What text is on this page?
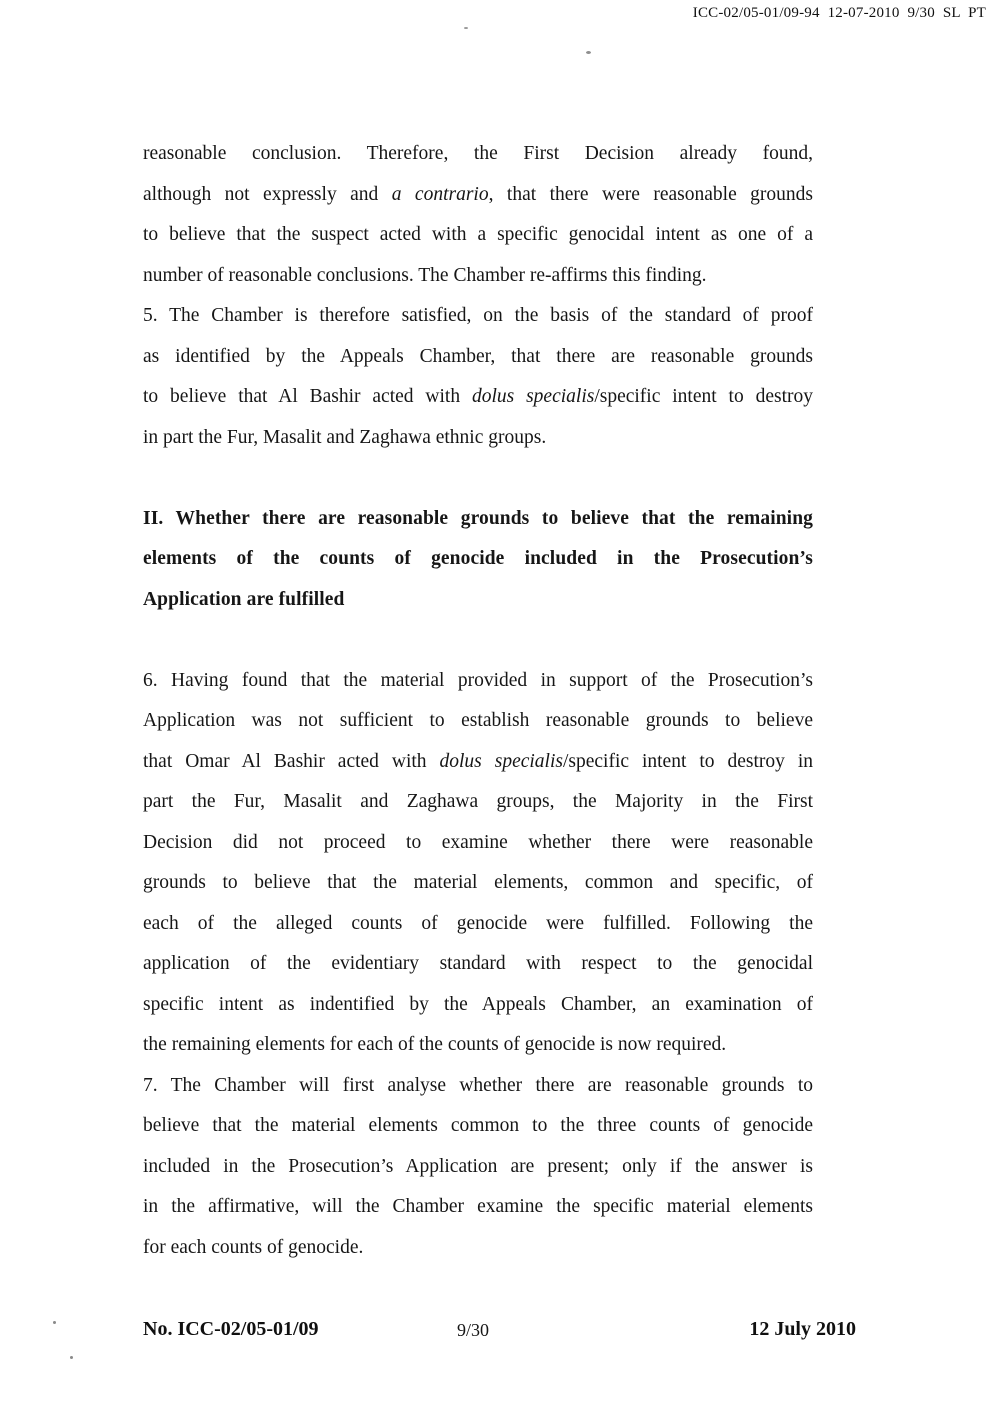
ICC-02/05-01/09-94  12-07-2010  9/30  SL  PT
reasonable conclusion. Therefore, the First Decision already found,
although not expressly and a contrario, that there were reasonable grounds
to believe that the suspect acted with a specific genocidal intent as one of a
number of reasonable conclusions. The Chamber re-affirms this finding.
5. The Chamber is therefore satisfied, on the basis of the standard of proof
as identified by the Appeals Chamber, that there are reasonable grounds
to believe that Al Bashir acted with dolus specialis/specific intent to destroy
in part the Fur, Masalit and Zaghawa ethnic groups.
II. Whether there are reasonable grounds to believe that the remaining
elements of the counts of genocide included in the Prosecution’s
Application are fulfilled
6. Having found that the material provided in support of the Prosecution’s
Application was not sufficient to establish reasonable grounds to believe
that Omar Al Bashir acted with dolus specialis/specific intent to destroy in
part the Fur, Masalit and Zaghawa groups, the Majority in the First
Decision did not proceed to examine whether there were reasonable
grounds to believe that the material elements, common and specific, of
each of the alleged counts of genocide were fulfilled. Following the
application of the evidentiary standard with respect to the genocidal
specific intent as indentified by the Appeals Chamber, an examination of
the remaining elements for each of the counts of genocide is now required.
7. The Chamber will first analyse whether there are reasonable grounds to
believe that the material elements common to the three counts of genocide
included in the Prosecution’s Application are present; only if the answer is
in the affirmative, will the Chamber examine the specific material elements
for each counts of genocide.
No. ICC-02/05-01/09	9/30	12 July 2010
